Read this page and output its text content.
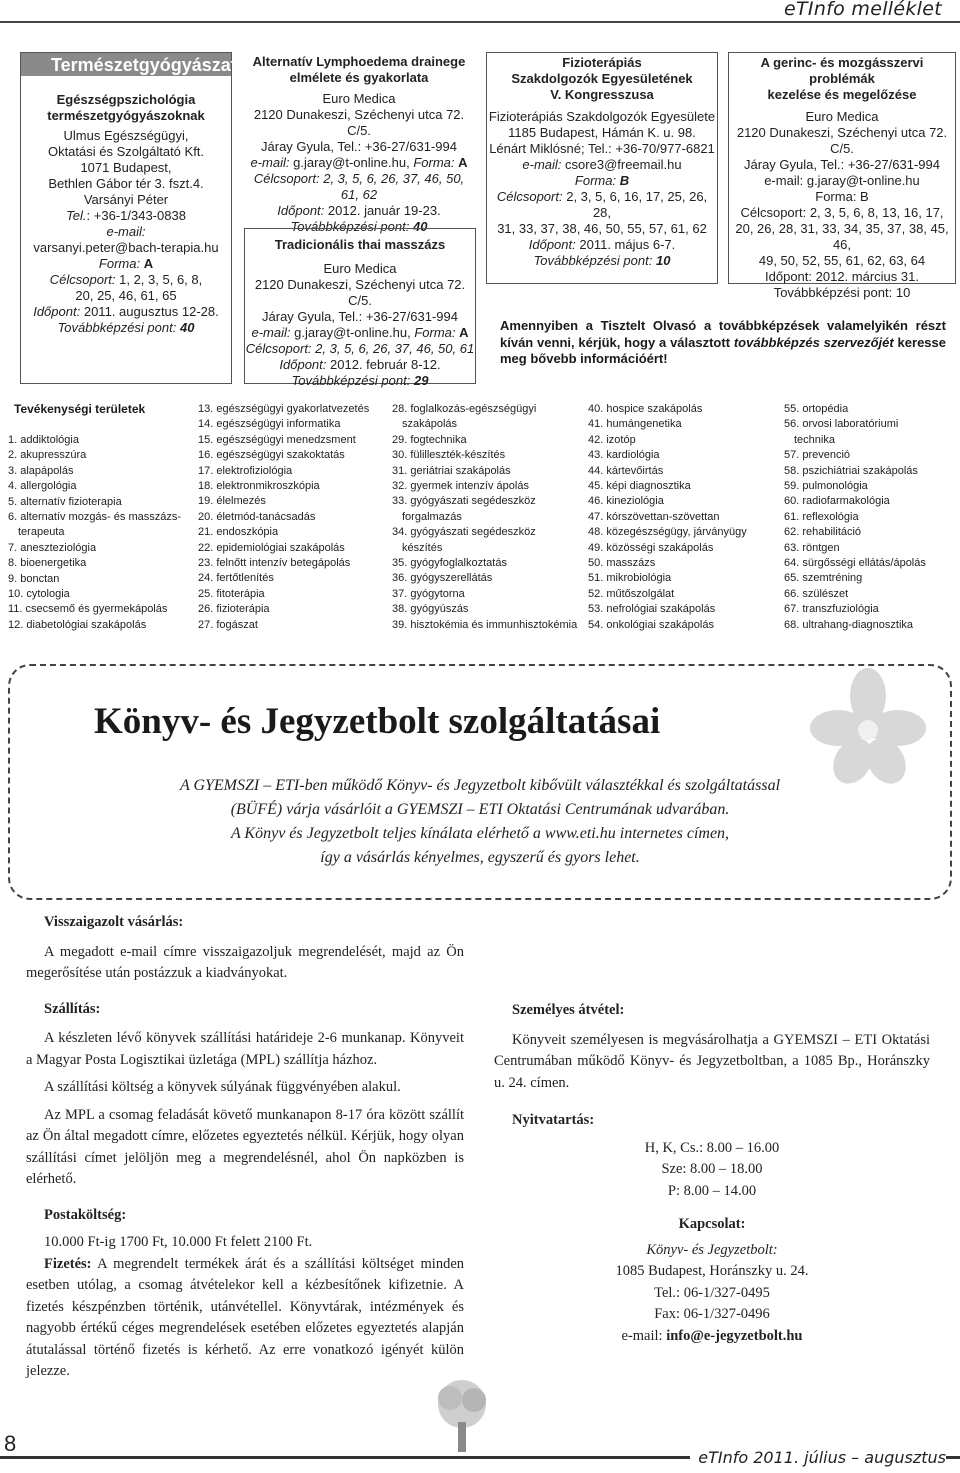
eTInfo melléklet
Természetgyógyászat
Egészségpszichológia
természetgyógyászoknak
Ulmus Egészségügyi,
Oktatási és Szolgáltató Kft.
1071 Budapest,
Bethlen Gábor tér 3. fszt.4.
Varsányi Péter
Tel.: +36-1/343-0838
e-mail:
varsanyi.peter@bach-terapia.hu
Forma: A
Célcsoport: 1, 2, 3, 5, 6, 8,
20, 25, 46, 61, 65
Időpont: 2011. augusztus 12-28.
Továbbképzési pont: 40
Alternatív Lymphoedema drainege
elmélete és gyakorlata
Euro Medica
2120 Dunakeszi, Széchenyi utca 72. C/5.
Járay Gyula, Tel.: +36-27/631-994
e-mail: g.jaray@t-online.hu, Forma: A
Célcsoport: 2, 3, 5, 6, 26, 37, 46, 50, 61, 62
Időpont: 2012. január 19-23.
Továbbképzési pont: 40
Tradicionális thai masszázs
Euro Medica
2120 Dunakeszi, Széchenyi utca 72. C/5.
Járay Gyula, Tel.: +36-27/631-994
e-mail: g.jaray@t-online.hu, Forma: A
Célcsoport: 2, 3, 5, 6, 26, 37, 46, 50, 61
Időpont: 2012. február 8-12.
Továbbképzési pont: 29
Fizioterápiás
Szakdolgozók Egyesületének
V. Kongresszusa
Fizioterápiás Szakdolgozók Egyesülete
1185 Budapest, Hámán K. u. 98.
Lénárt Miklósné; Tel.: +36-70/977-6821
e-mail: csore3@freemail.hu
Forma: B
Célcsoport: 2, 3, 5, 6, 16, 17, 25, 26, 28,
31, 33, 37, 38, 46, 50, 55, 57, 61, 62
Időpont: 2011. május 6-7.
Továbbképzési pont: 10
A gerinc- és mozgásszervi problémák
kezelése és megelőzése
Euro Medica
2120 Dunakeszi, Széchenyi utca 72. C/5.
Járay Gyula, Tel.: +36-27/631-994
e-mail: g.jaray@t-online.hu
Forma: B
Célcsoport: 2, 3, 5, 6, 8, 13, 16, 17,
20, 26, 28, 31, 33, 34, 35, 37, 38, 45, 46,
49, 50, 52, 55, 61, 62, 63, 64
Időpont: 2012. március 31.
Továbbképzési pont: 10
Amennyiben a Tisztelt Olvasó a továbbképzések valamelyikén részt kíván venni, kérjük, hogy a választott továbbképzés szervezőjét keresse meg bővebb információért!
Tevékenységi területek
1. addiktológia
2. akupresszúra
3. alapápolás
4. allergológia
5. alternatív fizioterapia
6. alternatív mozgás- és masszázs-
terapeuta
7. aneszteziológia
8. bioenergetika
9. bonctan
10. cytologia
11. csecsemő és gyermekápolás
12. diabetológiai szakápolás
13. egészségügyi gyakorlatvezetés
14. egészségügyi informatika
15. egészségügyi menedzsment
16. egészségügyi szakoktatás
17. elektrofiziológia
18. elektronmikroszkópia
19. élelmezés
20. életmód-tanácsadás
21. endoszkópia
22. epidemiológiai szakápolás
23. felnőtt intenzív betegápolás
24. fertőtlenítés
25. fitoterápia
26. fizioterápia
27. fogászat
28. foglalkozás-egészségügyi
szakápolás
29. fogtechnika
30. fülilleszték-készítés
31. geriátriai szakápolás
32. gyermek intenzív ápolás
33. gyógyászati segédeszköz
forgalmazás
34. gyógyászati segédeszköz
készítés
35. gyógyfoglalkoztatás
36. gyógyszerellátás
37. gyógytorna
38. gyógyúszás
39. hisztokémia és immunhisztokémia
40. hospice szakápolás
41. humángenetika
42. izotóp
43. kardiológia
44. kártevőirtás
45. képi diagnosztika
46. kineziológia
47. kórszövettan-szövettan
48. közegészségügy, járványügy
49. közösségi szakápolás
50. masszázs
51. mikrobiológia
52. műtőszolgálat
53. nefrológiai szakápolás
54. onkológiai szakápolás
55. ortopédia
56. orvosi laboratóriumi
technika
57. prevenció
58. pszichiátriai szakápolás
59. pulmonológia
60. radiofarmakológia
61. reflexológia
62. rehabilitáció
63. röntgen
64. sürgősségi ellátás/ápolás
65. szemtréning
66. szülészet
67. transzfuziológia
68. ultrahang-diagnosztika
Könyv- és Jegyzetbolt szolgáltatásai
A GYEMSZI – ETI-ben működő Könyv- és Jegyzetbolt kibővült választékkal és szolgáltatással
(BÜFÉ) várja vásárlóit a GYEMSZI – ETI Oktatási Centrumának udvarában.
A Könyv és Jegyzetbolt teljes kínálata elérhető a www.eti.hu internetes címen,
így a vásárlás kényelmes, egyszerű és gyors lehet.
Visszaigazolt vásárlás:

A megadott e-mail címre visszaigazoljuk megrendelését, majd az Ön megerősítése után postázzuk a kiadványokat.

Szállítás:

A készleten lévő könyvek szállítási határideje 2-6 munkanap. Könyveit a Magyar Posta Logisztikai üzletága (MPL) szállítja házhoz.

A szállítási költség a könyvek súlyának függvényében alakul.

Az MPL a csomag feladását követő munkanapon 8-17 óra között szállít az Ön által megadott címre, előzetes egyeztetés nélkül. Kérjük, hogy olyan szállítási címet jelöljön meg a megrendelésnél, ahol Ön napközben is elérhető.

Postaköltség:

10.000 Ft-ig 1700 Ft, 10.000 Ft felett 2100 Ft.

Fizetés: A megrendelt termékek árát és a szállítási költséget minden esetben utólag, a csomag átvételekor kell a kézbesítőnek kifizetnie. A fizetés készpénzben történik, utánvétellel. Könyvtárak, intézmények és nagyobb értékű céges megrendelések esetében előzetes egyeztetés alapján átutalással történő fizetés is kérhető. Az erre vonatkozó igényét külön jelezze.

Személyes átvétel:

Könyveit személyesen is megvásárolhatja a GYEMSZI – ETI Oktatási Centrumában működő Könyv- és Jegyzetboltban, a 1085 Bp., Horánszky u. 24. címen.

Nyitvatartás:
H, K, Cs.: 8.00 – 16.00
Sze: 8.00 – 18.00
P: 8.00 – 14.00
Kapcsolat:
Könyv- és Jegyzetbolt:
1085 Budapest, Horánszky u. 24.
Tel.: 06-1/327-0495
Fax: 06-1/327-0496
e-mail: info@e-jegyzetbolt.hu
8
eTInfo 2011. július – augusztus
